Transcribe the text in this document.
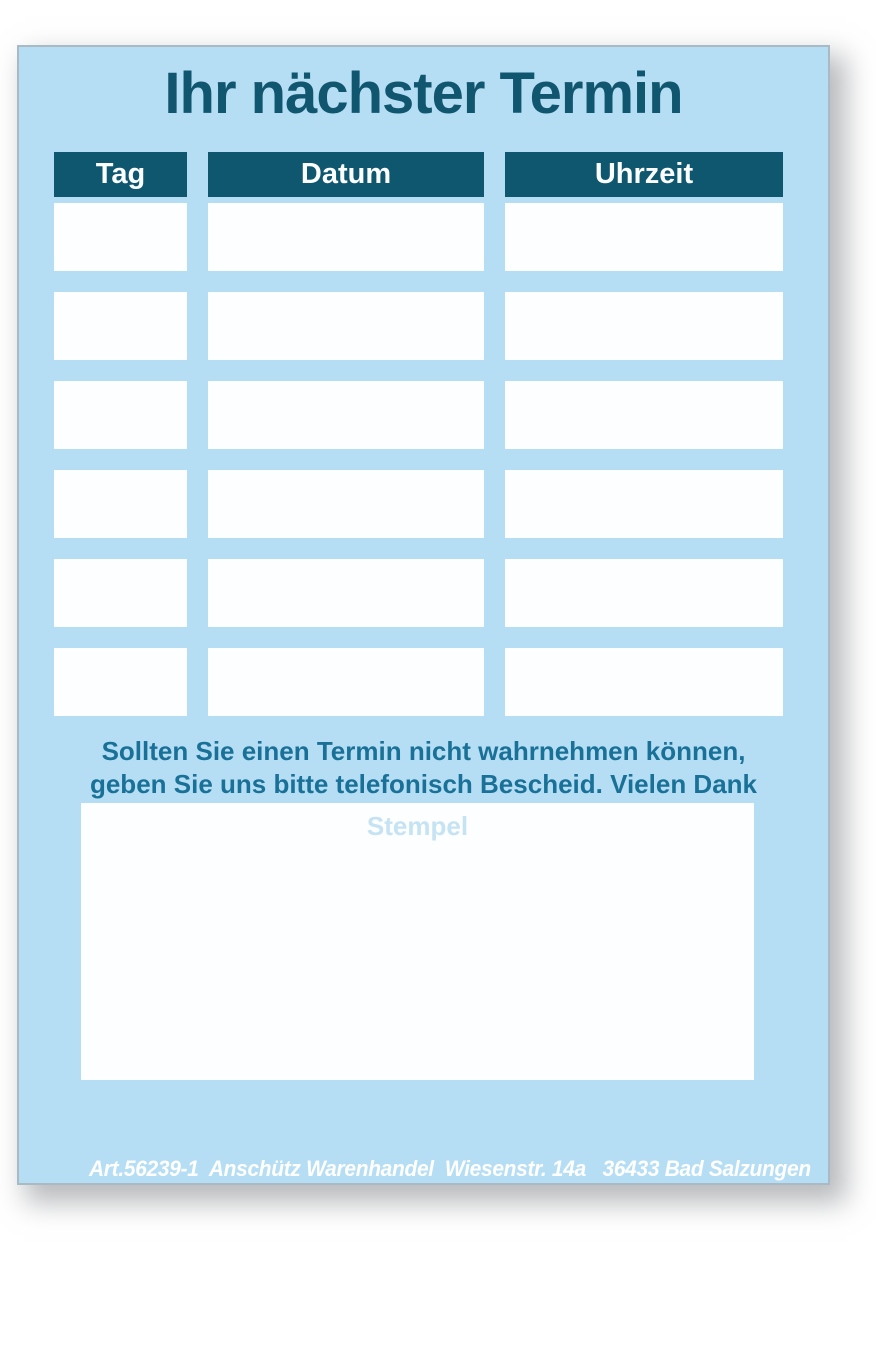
Ihr nächster Termin
Tag	Datum	Uhrzeit
Sollten Sie einen Termin nicht wahrnehmen können,
geben Sie uns bitte telefonisch Bescheid. Vielen Dank
Stempel

Art.56239-1  Anschütz Warenhandel  Wiesenstr. 14a   36433 Bad Salzungen

www.Anschütz.shop    info@anschuetz.shop
